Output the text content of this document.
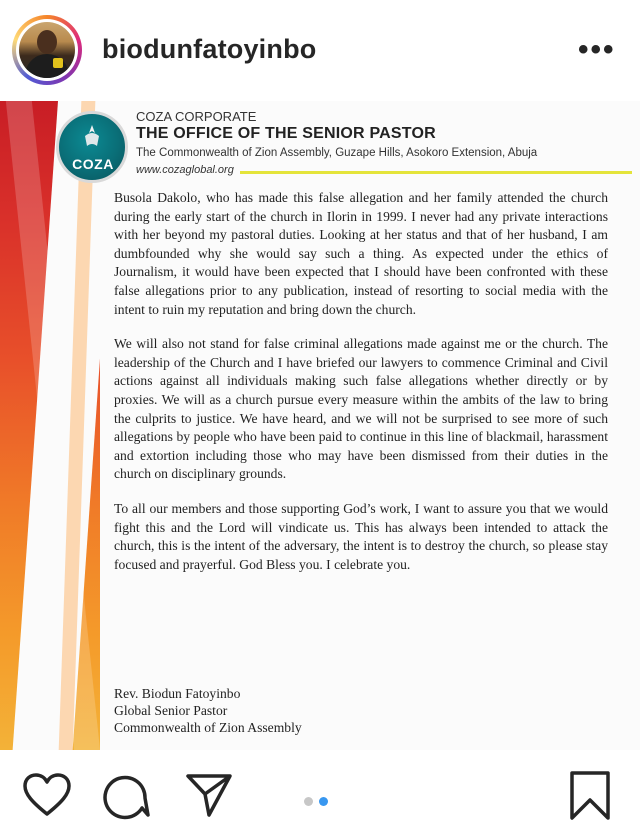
biodunfatoyinbo	•••
COZA
COZA CORPORATE
THE OFFICE OF THE SENIOR PASTOR
The Commonwealth of Zion Assembly, Guzape Hills, Asokoro Extension, Abuja
www.cozaglobal.org

Busola Dakolo, who has made this false allegation and her family attended the church during the early start of the church in Ilorin in 1999. I never had any private interactions with her beyond my pastoral duties. Looking at her status and that of her husband, I am dumbfounded why she would say such a thing. As expected under the ethics of Journalism, it would have been expected that I should have been confronted with these false allegations prior to any publication, instead of resorting to social media with the intent to ruin my reputation and bring down the church.

We will also not stand for false criminal allegations made against me or the church. The leadership of the Church and I have briefed our lawyers to commence Criminal and Civil actions against all individuals making such false allegations whether directly or by proxies. We will as a church pursue every measure within the ambits of the law to bring the culprits to justice. We have heard, and we will not be surprised to see more of such allegations by people who have been paid to continue in this line of blackmail, harassment and extortion including those who may have been dismissed from their duties in the church on disciplinary grounds.

To all our members and those supporting God’s work, I want to assure you that we would fight this and the Lord will vindicate us. This has always been intended to attack the church, this is the intent of the adversary, the intent is to destroy the church, so please stay focused and prayerful. God Bless you. I celebrate you.

Rev. Biodun Fatoyinbo
Global Senior Pastor
Commonwealth of Zion Assembly
